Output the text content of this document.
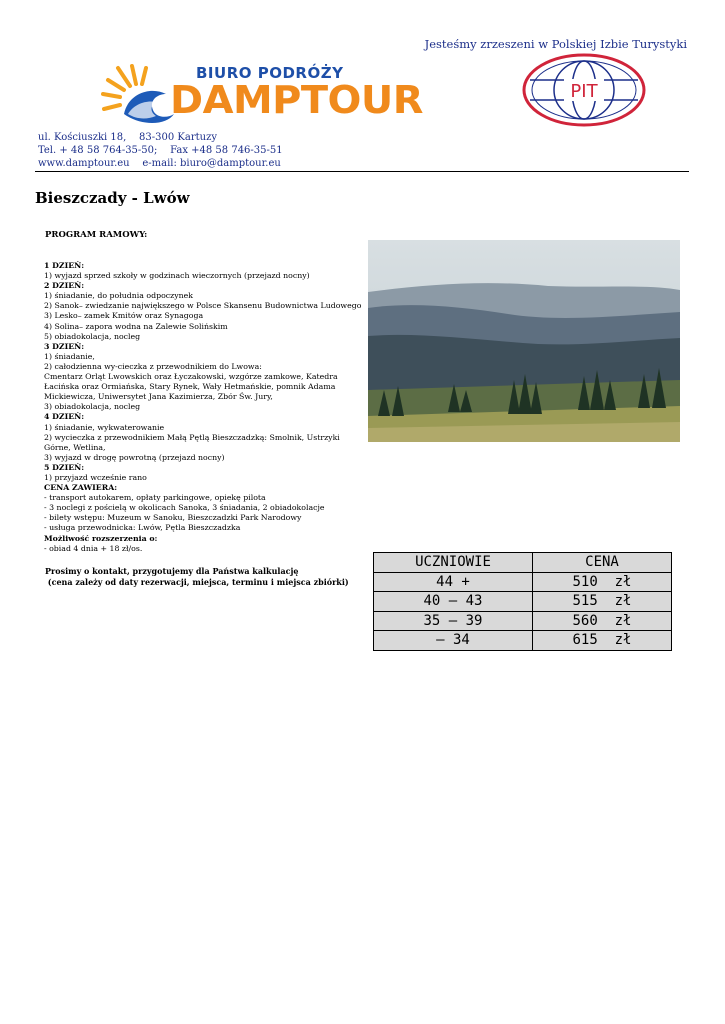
Jesteśmy zrzeszeni w Polskiej Izbie Turystyki
BIURO PODRÓŻY
DAMPTOUR	PIT
ul. Kościuszki 18,    83-300 Kartuzy
Tel. + 48 58 764-35-50;    Fax +48 58 746-35-51
www.damptour.eu    e-mail: biuro@damptour.eu
Bieszczady - Lwów
PROGRAM RAMOWY:
1 DZIEŃ:
1) wyjazd sprzed szkoły w godzinach wieczornych (przejazd nocny)
2 DZIEŃ:
1) śniadanie, do południa odpoczynek
2) Sanok– zwiedzanie największego w Polsce Skansenu Budownictwa Ludowego
3) Lesko– zamek Kmitów oraz Synagoga
4) Solina– zapora wodna na Zalewie Solińskim
5) obiadokolacja, nocleg
3 DZIEŃ:
1) śniadanie,
2) całodzienna wy-cieczka z przewodnikiem do Lwowa:
Cmentarz Orląt Lwowskich oraz Łyczakowski, wzgórze zamkowe, Katedra Łacińska oraz Ormiańska, Stary Rynek, Wały Hetmańskie, pomnik Adama Mickiewicza, Uniwersytet Jana Kazimierza, Zbór Św. Jury,
3) obiadokolacja, nocleg
4 DZIEŃ:
1) śniadanie, wykwaterowanie
2) wycieczka z przewodnikiem Małą Pętlą Bieszczadzką: Smolnik, Ustrzyki Górne, Wetlina,
3) wyjazd w drogę powrotną (przejazd nocny)
5 DZIEŃ:
1) przyjazd wcześnie rano
CENA ZAWIERA:
- transport autokarem, opłaty parkingowe, opiekę pilota
- 3 noclegi z pościelą w okolicach Sanoka, 3 śniadania, 2 obiadokolacje
- bilety wstępu: Muzeum w Sanoku, Bieszczadzki Park Narodowy
- usługa przewodnicka: Lwów, Pętla Bieszczadzka
Możliwość rozszerzenia o:
- obiad 4 dnia + 18 zł/os.
Prosimy o kontakt, przygotujemy dla Państwa kalkulację
(cena zależy od daty rezerwacji, miejsca, terminu i miejsca zbiórki)
UCZNIOWIE	CENA
44 +	510  zł
40 – 43	515  zł
35 – 39	560  zł
– 34	615  zł
